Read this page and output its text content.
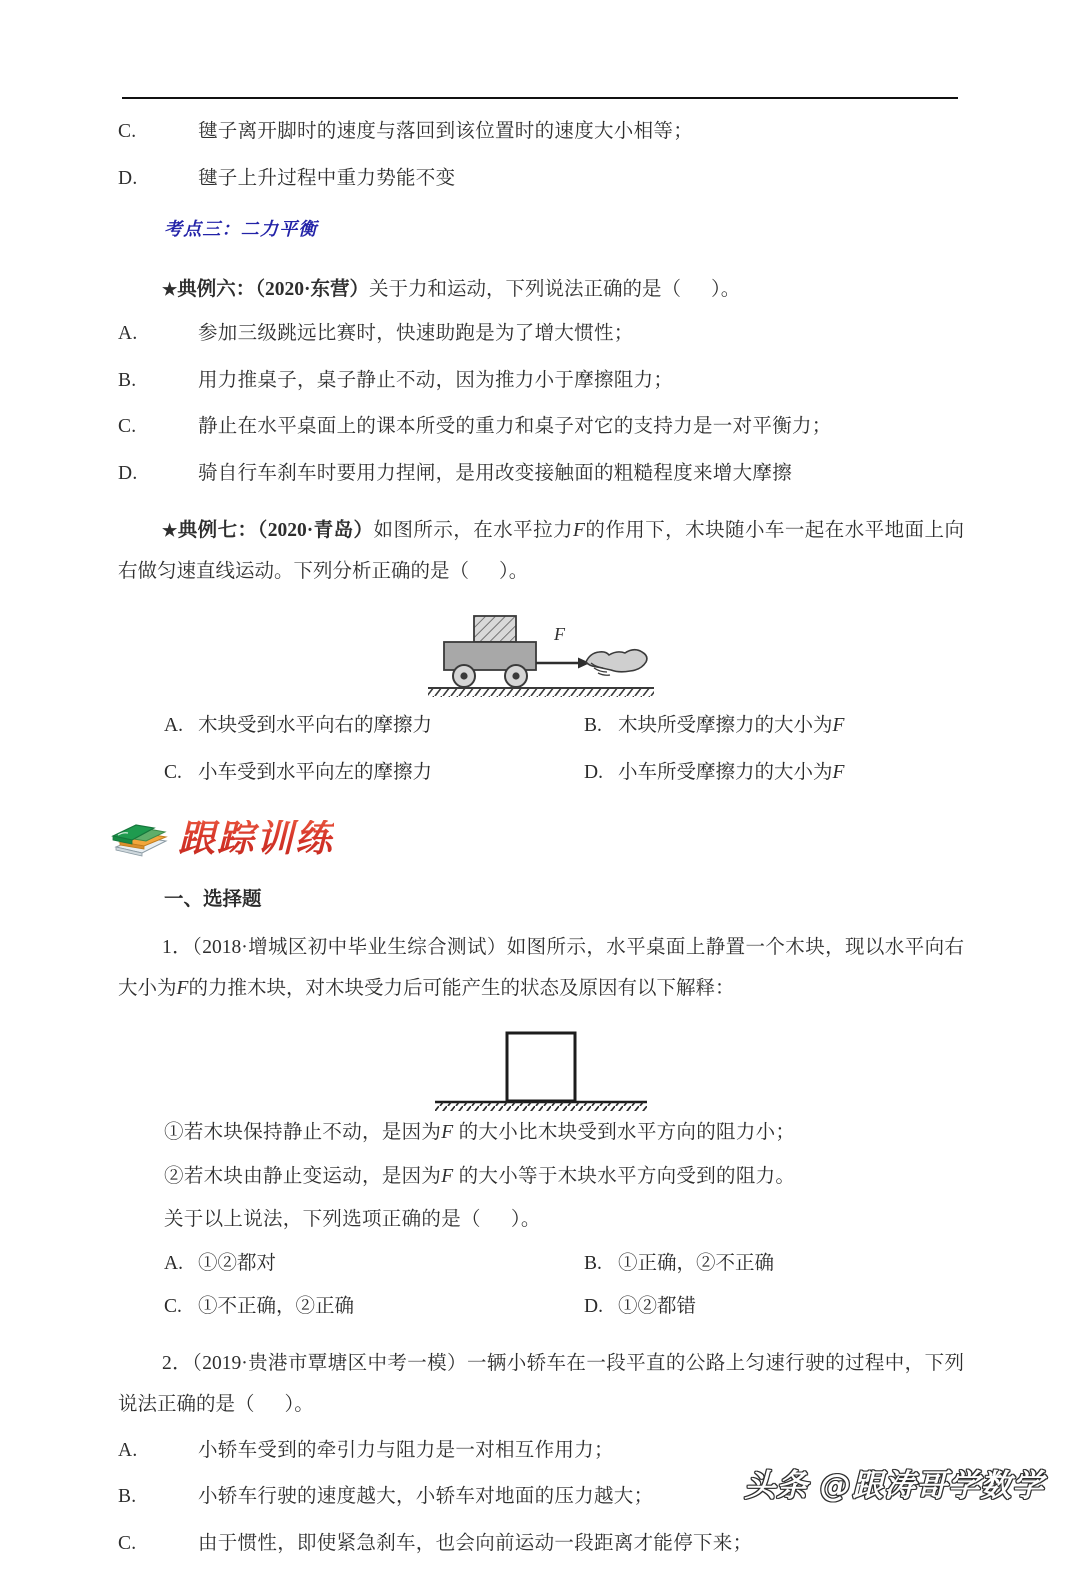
C.	毽子离开脚时的速度与落回到该位置时的速度大小相等；
D.	毽子上升过程中重力势能不变
考点三：二力平衡
★典例六：（2020·东营）关于力和运动，下列说法正确的是（ ）。
A.	参加三级跳远比赛时，快速助跑是为了增大惯性；
B.	用力推桌子，桌子静止不动，因为推力小于摩擦阻力；
C.	静止在水平桌面上的课本所受的重力和桌子对它的支持力是一对平衡力；
D.	骑自行车刹车时要用力捏闸，是用改变接触面的粗糙程度来增大摩擦
★典例七：（2020·青岛）如图所示，在水平拉力F的作用下，木块随小车一起在水平地面上向右做匀速直线运动。下列分析正确的是（ ）。
F
A. 木块受到水平向右的摩擦力	B. 木块所受摩擦力的大小为F
C. 小车受到水平向左的摩擦力	D. 小车所受摩擦力的大小为F
跟踪训练
一、选择题
1．（2018·增城区初中毕业生综合测试）如图所示，水平桌面上静置一个木块，现以水平向右大小为F的力推木块，对木块受力后可能产生的状态及原因有以下解释：
①若木块保持静止不动，是因为F 的大小比木块受到水平方向的阻力小；
②若木块由静止变运动，是因为F 的大小等于木块水平方向受到的阻力。
关于以上说法，下列选项正确的是（ ）。
A. ①②都对	B. ①正确，②不正确
C. ①不正确，②正确	D. ①②都错
2．（2019·贵港市覃塘区中考一模）一辆小轿车在一段平直的公路上匀速行驶的过程中，下列说法正确的是（ ）。
A.	小轿车受到的牵引力与阻力是一对相互作用力；
B.	小轿车行驶的速度越大，小轿车对地面的压力越大；
C.	由于惯性，即使紧急刹车，也会向前运动一段距离才能停下来；
头条 @跟涛哥学数学
